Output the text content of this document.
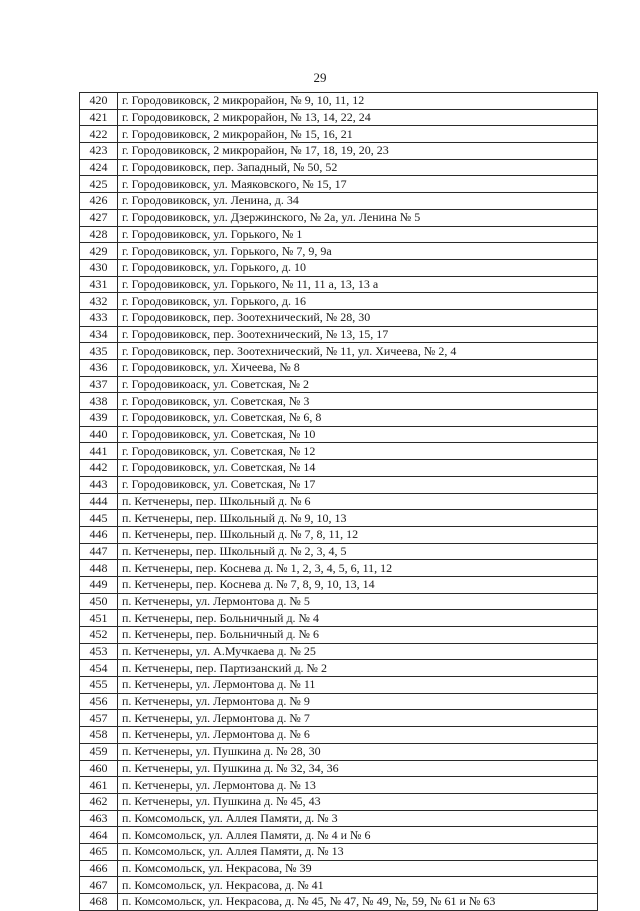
29
420	г. Городовиковск, 2 микрорайон, № 9, 10, 11, 12
421	г. Городовиковск, 2 микрорайон, № 13, 14, 22, 24
422	г. Городовиковск, 2 микрорайон, № 15, 16, 21
423	г. Городовиковск, 2 микрорайон, № 17, 18, 19, 20, 23
424	г. Городовиковск, пер. Западный, № 50, 52
425	г. Городовиковск, ул. Маяковского, № 15, 17
426	г. Городовиковск, ул. Ленина, д. 34
427	г. Городовиковск, ул. Дзержинского, № 2а, ул. Ленина № 5
428	г. Городовиковск, ул. Горького, № 1
429	г. Городовиковск, ул. Горького, № 7, 9, 9а
430	г. Городовиковск, ул. Горького, д. 10
431	г. Городовиковск, ул. Горького, № 11, 11 а, 13, 13 а
432	г. Городовиковск, ул. Горького, д. 16
433	г. Городовиковск, пер. Зоотехнический, № 28, 30
434	г. Городовиковск, пер. Зоотехнический, № 13, 15, 17
435	г. Городовиковск, пер. Зоотехнический, № 11, ул. Хичеева, № 2, 4
436	г. Городовиковск, ул. Хичеева, № 8
437	г. Городовикоаск, ул. Советская, № 2
438	г. Городовиковск, ул. Советская, № 3
439	г. Городовиковск, ул. Советская, № 6, 8
440	г. Городовиковск, ул. Советская, № 10
441	г. Городовиковск, ул. Советская, № 12
442	г. Городовиковск, ул. Советская, № 14
443	г. Городовиковск, ул. Советская, № 17
444	п. Кетченеры, пер. Школьный д. № 6
445	п. Кетченеры, пер. Школьный д. № 9, 10, 13
446	п. Кетченеры, пер. Школьный д. № 7, 8, 11, 12
447	п. Кетченеры, пер. Школьный д. № 2, 3, 4, 5
448	п. Кетченеры, пер. Коснева д. № 1, 2, 3, 4, 5, 6, 11, 12
449	п. Кетченеры, пер. Коснева д. № 7, 8, 9, 10, 13, 14
450	п. Кетченеры, ул. Лермонтова д. № 5
451	п. Кетченеры, пер. Больничный д. № 4
452	п. Кетченеры, пер. Больничный д. № 6
453	п. Кетченеры, ул. А.Мучкаева д. № 25
454	п. Кетченеры, пер. Партизанский д. № 2
455	п. Кетченеры, ул. Лермонтова д. № 11
456	п. Кетченеры, ул. Лермонтова д. № 9
457	п. Кетченеры, ул. Лермонтова д. № 7
458	п. Кетченеры, ул. Лермонтова д. № 6
459	п. Кетченеры, ул. Пушкина д. № 28, 30
460	п. Кетченеры, ул. Пушкина д. № 32, 34, 36
461	п. Кетченеры, ул. Лермонтова д. № 13
462	п. Кетченеры, ул. Пушкина д. № 45, 43
463	п. Комсомольск, ул. Аллея Памяти, д. № 3
464	п. Комсомольск, ул. Аллея Памяти, д. № 4 и № 6
465	п. Комсомольск, ул. Аллея Памяти, д. № 13
466	п. Комсомольск, ул. Некрасова, № 39
467	п. Комсомольск, ул. Некрасова, д. № 41
468	п. Комсомольск, ул. Некрасова, д. № 45, № 47, № 49, №, 59, № 61 и № 63
